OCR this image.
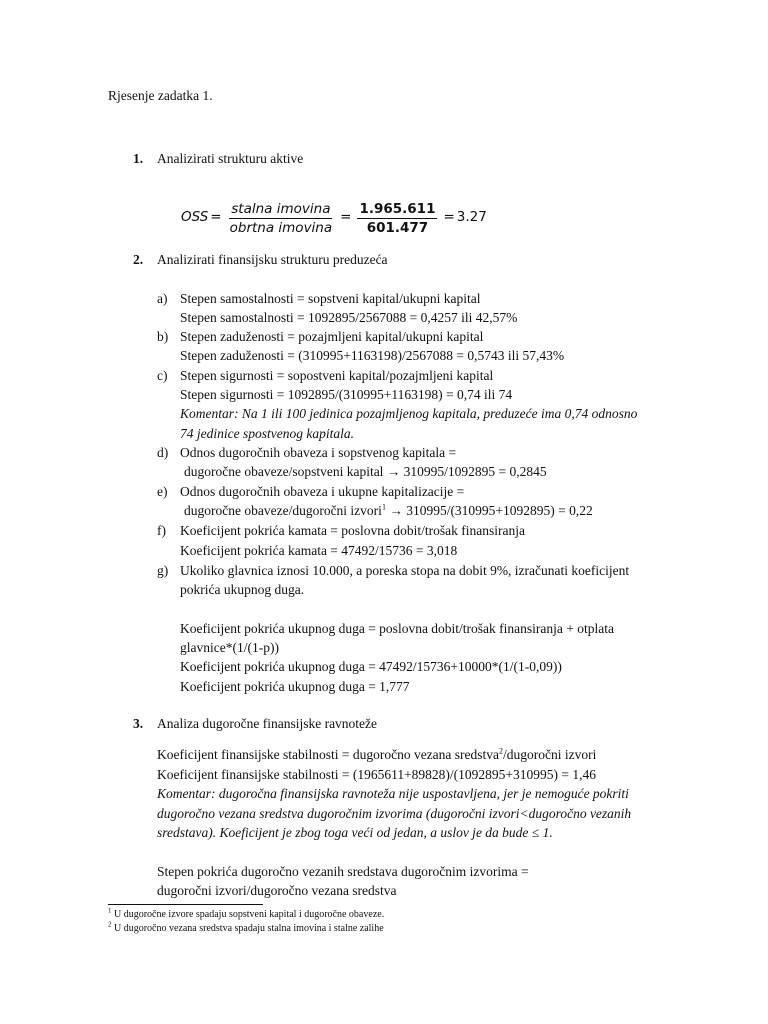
Rjesenje zadatka 1.
1. Analizirati strukturu aktive
OSS = $\frac{\text{stalna imovina}}{\text{obrtna imovina}} = \frac{1.965.611}{601.477} = 3.27$
2. Analizirati finansijsku strukturu preduzeća
a) Stepen samostalnosti = sopstveni kapital/ukupni kapital
Stepen samostalnosti = 1092895/2567088 = 0,4257 ili 42,57%
b) Stepen zaduženosti = pozajmljeni kapital/ukupni kapital
Stepen zaduženosti = (310995+1163198)/2567088 = 0,5743 ili 57,43%
c) Stepen sigurnosti = sopostveni kapital/pozajmljeni kapital
Stepen sigurnosti = 1092895/(310995+1163198) = 0,74 ili 74
Komentar: Na 1 ili 100 jedinica pozajmljenog kapitala, preduzeće ima 0,74 odnosno
74 jedinice spostvenog kapitala.
d) Odnos dugoročnih obaveza i sopstvenog kapitala =
dugoročne obaveze/sopstveni kapital → 310995/1092895 = 0,2845
e) Odnos dugoročnih obaveza i ukupne kapitalizacije =
dugoročne obaveze/dugoročni izvori$^1$ → 310995/(310995+1092895) = 0,22
f) Koeficijent pokrića kamata = poslovna dobit/trošak finansiranja
Koeficijent pokrića kamata = 47492/15736 = 3,018
g) Ukoliko glavnica iznosi 10.000, a poreska stopa na dobit 9%, izračunati koeficijent
pokrića ukupnog duga.
Koeficijent pokrića ukupnog duga = poslovna dobit/trošak finansiranja + otplata
glavnice*(1/(1-p))
Koeficijent pokrića ukupnog duga = 47492/15736+10000*(1/(1-0,09))
Koeficijent pokrića ukupnog duga = 1,777
3. Analiza dugoročne finansijske ravnoteže
Koeficijent finansijske stabilnosti = dugoročno vezana sredstva$^2$/dugoročni izvori
Koeficijent finansijske stabilnosti = (1965611+89828)/(1092895+310995) = 1,46
Komentar: dugoročna finansijska ravnoteža nije uspostavljena, jer je nemoguće pokriti
dugoročno vezana sredstva dugoročnim izvorima (dugoročni izvori<dugoročno vezanih
sredstava). Koeficijent je zbog toga veći od jedan, a uslov je da bude ≤ 1.
Stepen pokrića dugoročno vezanih sredstava dugoročnim izvorima =
dugoročni izvori/dugoročno vezana sredstva
$^1$ U dugoročne izvore spadaju sopstveni kapital i dugoročne obaveze.
$^2$ U dugoročno vezana sredstva spadaju stalna imovina i stalne zalihe
